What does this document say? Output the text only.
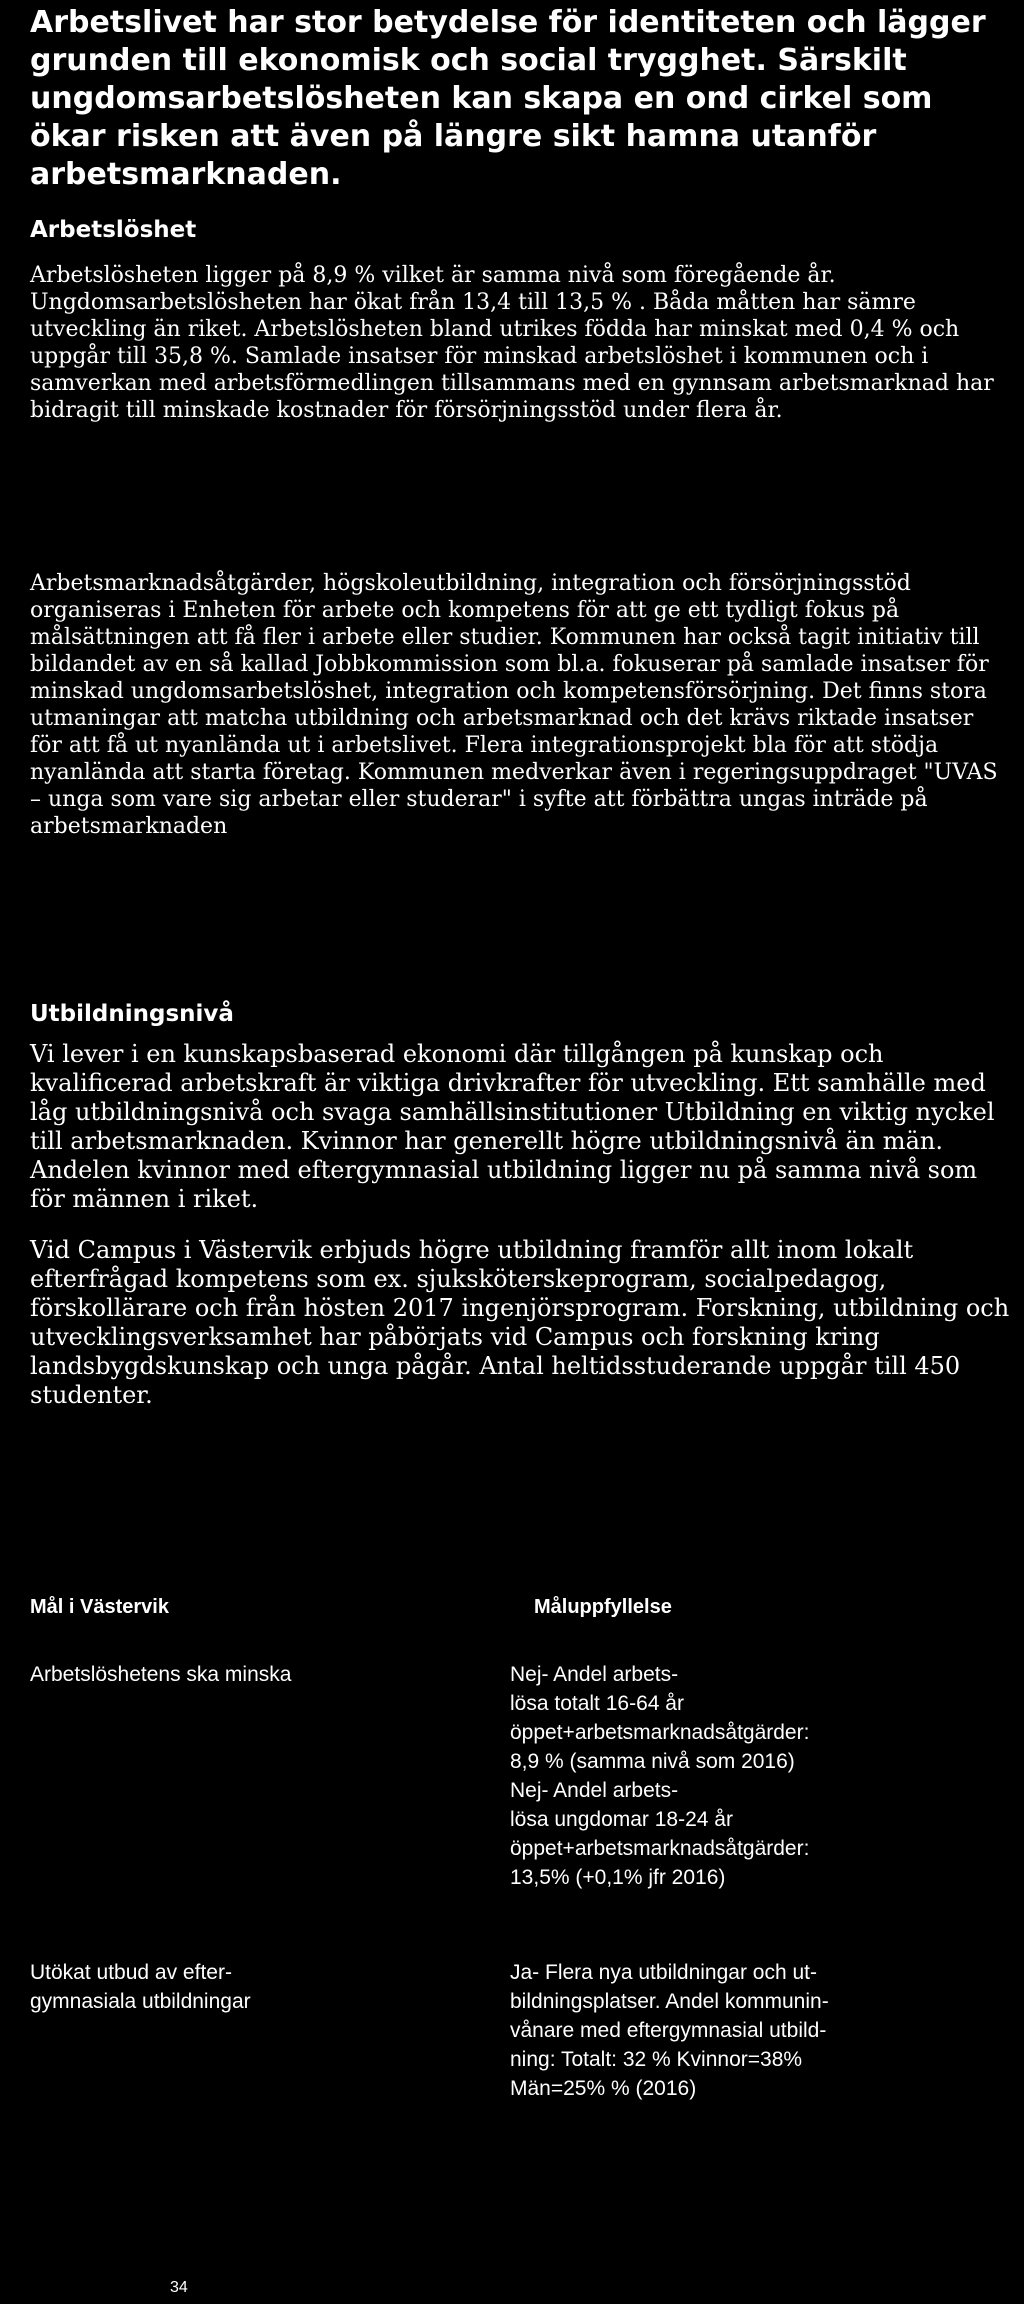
Arbetslivet har stor betydelse för identiteten och lägger grunden till ekonomisk och social trygghet. Särskilt ungdomsarbetslösheten kan skapa en ond cirkel som ökar risken att även på längre sikt hamna utanför arbetsmarknaden.

Arbetslöshet

Arbetslösheten ligger på 8,9 % vilket är samma nivå som föregående år. Ungdomsarbetslösheten har ökat från 13,4 till 13,5 % . Båda måtten har sämre utveckling än riket. Arbetslösheten bland utrikes födda har minskat med 0,4 % och uppgår till 35,8 %. Samlade insatser för minskad arbetslöshet i kommunen och i samverkan med arbetsförmedlingen tillsammans med en gynnsam arbetsmarknad har bidragit till minskade kostnader för försörjningsstöd under flera år.

Arbetsmarknadsåtgärder, högskoleutbildning, integration och försörjningsstöd organiseras i Enheten för arbete och kompetens för att ge ett tydligt fokus på målsättningen att få fler i arbete eller studier. Kommunen har också tagit initiativ till bildandet av en så kallad Jobbkommission som bl.a. fokuserar på samlade insatser för minskad ungdomsarbetslöshet, integration och kompetensförsörjning. Det finns stora utmaningar att matcha utbildning och arbetsmarknad och det krävs riktade insatser för att få ut nyanlända ut i arbetslivet. Flera integrationsprojekt bla för att stödja nyanlända att starta företag. Kommunen medverkar även i regeringsuppdraget "UVAS – unga som vare sig arbetar eller studerar" i syfte att förbättra ungas inträde på arbetsmarknaden

Utbildningsnivå

Vi lever i en kunskapsbaserad ekonomi där tillgången på kunskap och kvalificerad arbetskraft är viktiga drivkrafter för utveckling. Ett samhälle med låg utbildningsnivå och svaga samhällsinstitutioner Utbildning en viktig nyckel till arbetsmarknaden. Kvinnor har generellt högre utbildningsnivå än män. Andelen kvinnor med eftergymnasial utbildning ligger nu på samma nivå som för männen i riket.

Vid Campus i Västervik erbjuds högre utbildning framför allt inom lokalt efterfrågad kompetens som ex. sjuksköterskeprogram, socialpedagog, förskollärare och från hösten 2017 ingenjörsprogram. Forskning, utbildning och utvecklingsverksamhet har påbörjats vid Campus och forskning kring landsbygdskunskap och unga pågår. Antal heltidsstuderande uppgår till 450 studenter.

Mål i Västervik	Måluppfyllelse

Arbetslöshetens ska minska	Nej- Andel arbets-
lösa totalt 16-64 år
öppet+arbetsmarknadsåtgärder:
8,9 % (samma nivå som 2016)
Nej- Andel arbets-
lösa ungdomar 18-24 år
öppet+arbetsmarknadsåtgärder:
13,5% (+0,1% jfr 2016)

Utökat utbud av efter-
gymnasiala utbildningar

Ja- Flera nya utbildningar och ut-
bildningsplatser. Andel kommunin-
vånare med eftergymnasial utbild-
ning: Totalt: 32 % Kvinnor=38%
Män=25% % (2016)

34
